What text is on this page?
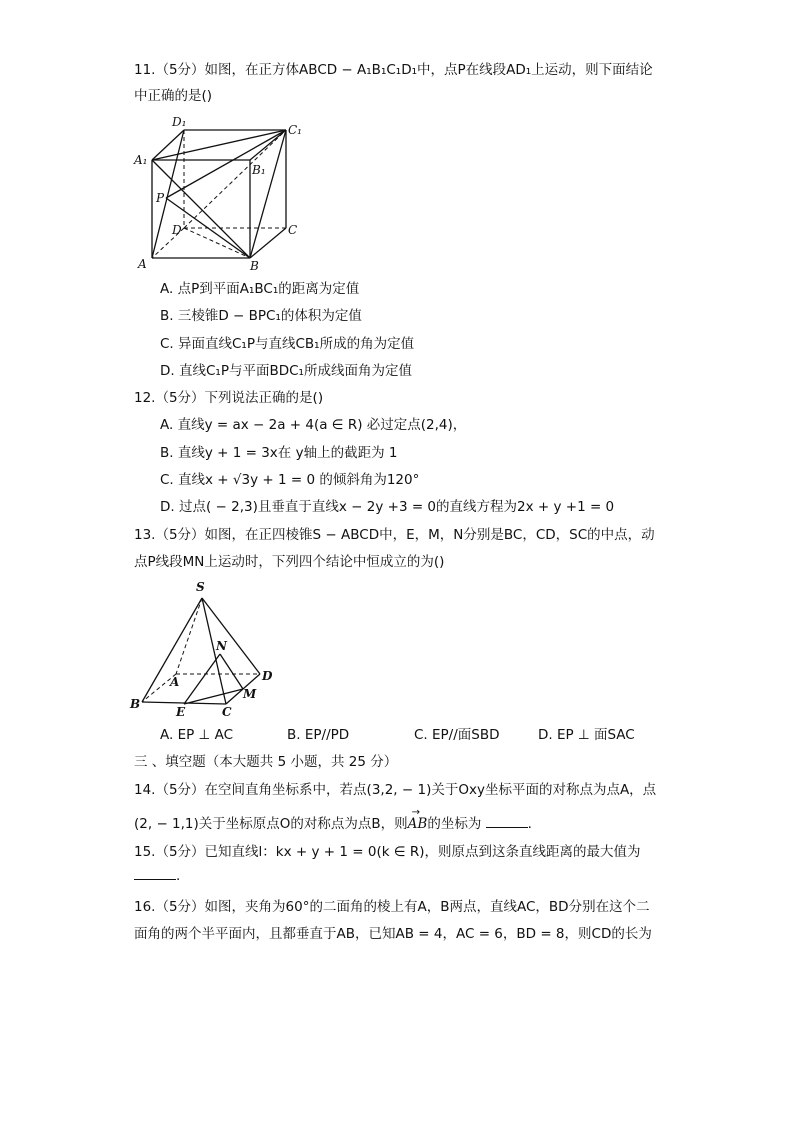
11.（5分）如图，在正方体ABCD − A₁B₁C₁D₁中，点P在线段AD₁上运动，则下面结论
中正确的是()
D₁
C₁
A₁
B₁
P
D	C
A	B
A. 点P到平面A₁BC₁的距离为定值
B. 三棱锥D − BPC₁的体积为定值
C. 异面直线C₁P与直线CB₁所成的角为定值
D. 直线C₁P与平面BDC₁所成线面角为定值
12.（5分）下列说法正确的是()
A. 直线y = ax − 2a + 4(a ∈ R) 必过定点(2,4)，
B. 直线y + 1 = 3x在 y轴上的截距为 1
C. 直线x + √3y + 1 = 0 的倾斜角为120°
D. 过点( − 2,3)且垂直于直线x − 2y +3 = 0的直线方程为2x + y +1 = 0
13.（5分）如图，在正四棱锥S − ABCD中，E，M，N分别是BC，CD，SC的中点，动
点P线段MN上运动时，下列四个结论中恒成立的为()
S
N
A	D
M
B
E	C
A. EP ⊥ AC	B. EP//PD	C. EP//面SBD	D. EP ⊥ 面SAC
三 、填空题（本大题共 5 小题，共 25 分）
14.（5分）在空间直角坐标系中，若点(3,2, − 1)关于Oxy坐标平面的对称点为点A，点
(2, − 1,1)关于坐标原点O的对称点为点B，则
→
AB的坐标为	.
15.（5分）已知直线l：kx + y + 1 = 0(k ∈ R)，则原点到这条直线距离的最大值为
.
16.（5分）如图，夹角为60°的二面角的棱上有A，B两点，直线AC，BD分别在这个二
面角的两个半平面内，且都垂直于AB，已知AB = 4，AC = 6，BD = 8，则CD的长为
